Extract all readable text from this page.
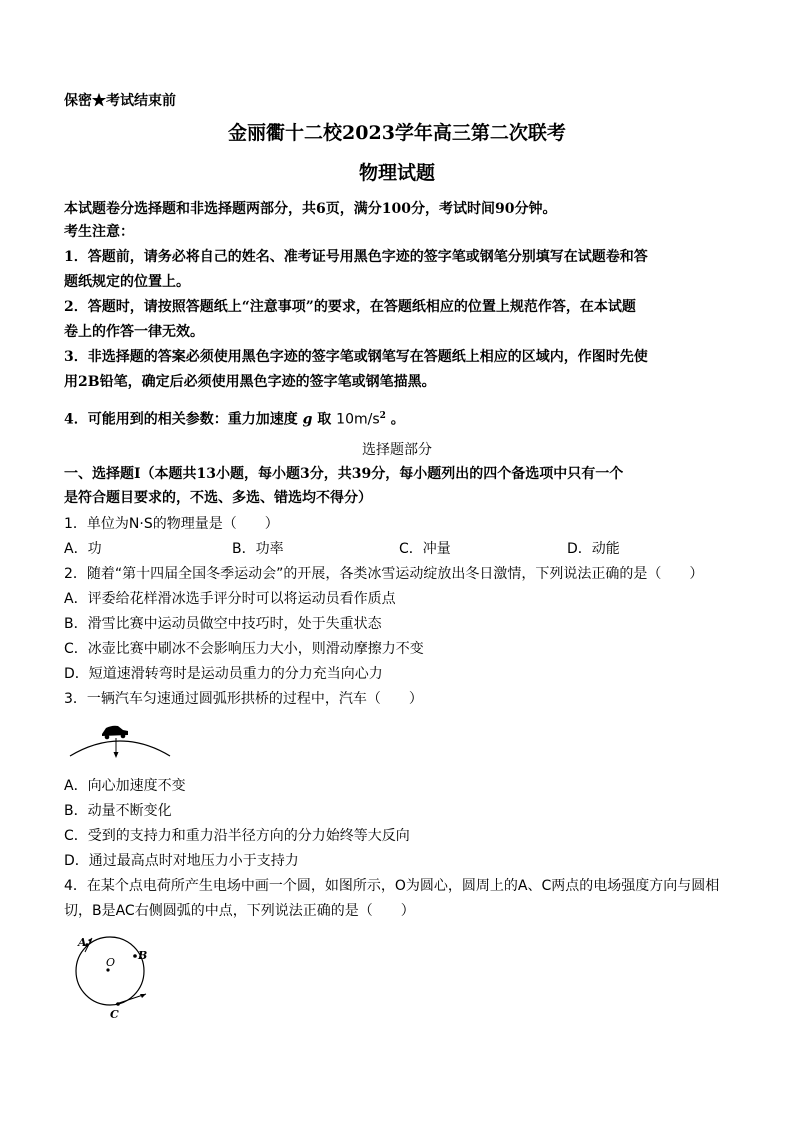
保密★考试结束前
金丽衢十二校2023学年高三第二次联考
物理试题
本试题卷分选择题和非选择题两部分，共6页，满分100分，考试时间90分钟。
考生注意：
1．答题前，请务必将自己的姓名、准考证号用黑色字迹的签字笔或钢笔分别填写在试题卷和答
题纸规定的位置上。
2．答题时，请按照答题纸上“注意事项”的要求，在答题纸相应的位置上规范作答，在本试题
卷上的作答一律无效。
3．非选择题的答案必须使用黑色字迹的签字笔或钢笔写在答题纸上相应的区域内，作图时先使
用2B铅笔，确定后必须使用黑色字迹的签字笔或钢笔描黑。
4．可能用到的相关参数：重力加速度 g 取 $10m/s^2$ 。
选择题部分
一、选择题Ⅰ（本题共13小题，每小题3分，共39分，每小题列出的四个备选项中只有一个
是符合题目要求的，不选、多选、错选均不得分）
1．单位为N·S的物理量是（　　）
A．功	B．功率	C．冲量	D．动能
2．随着“第十四届全国冬季运动会”的开展，各类冰雪运动绽放出冬日激情，下列说法正确的是（　　）
A．评委给花样滑冰选手评分时可以将运动员看作质点
B．滑雪比赛中运动员做空中技巧时，处于失重状态
C．冰壶比赛中刷冰不会影响压力大小，则滑动摩擦力不变
D．短道速滑转弯时是运动员重力的分力充当向心力
3．一辆汽车匀速通过圆弧形拱桥的过程中，汽车（　　）
A．向心加速度不变
B．动量不断变化
C．受到的支持力和重力沿半径方向的分力始终等大反向
D．通过最高点时对地压力小于支持力
4．在某个点电荷所产生电场中画一个圆，如图所示，O为圆心，圆周上的A、C两点的电场强度方向与圆相
切，B是AC右侧圆弧的中点，下列说法正确的是（　　）
O
A
B
C
